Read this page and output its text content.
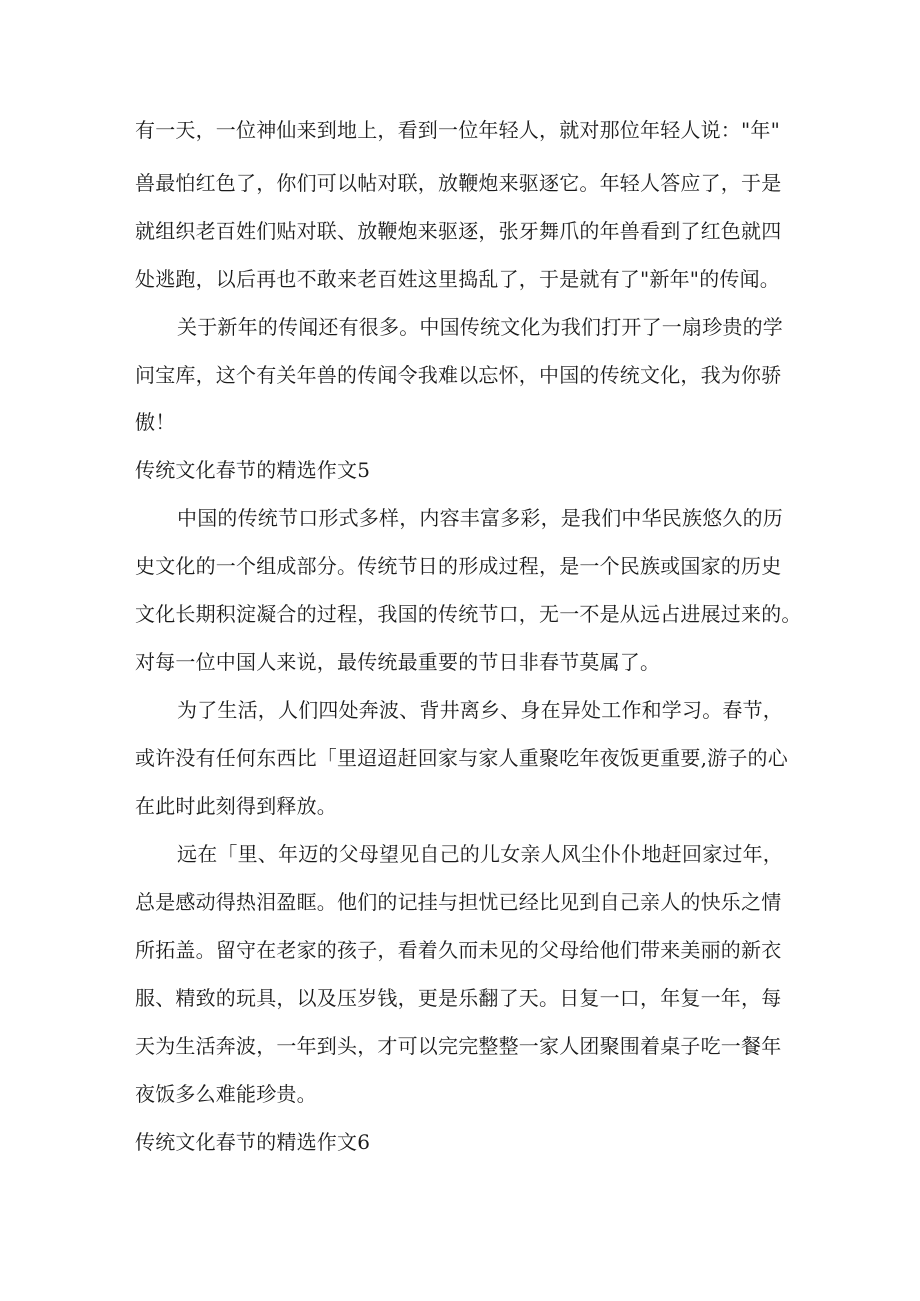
有一天，一位神仙来到地上，看到一位年轻人，就对那位年轻人说："年"
兽最怕红色了，你们可以帖对联，放鞭炮来驱逐它。年轻人答应了，于是
就组织老百姓们贴对联、放鞭炮来驱逐，张牙舞爪的年兽看到了红色就四
处逃跑，以后再也不敢来老百姓这里捣乱了，于是就有了"新年"的传闻。
关于新年的传闻还有很多。中国传统文化为我们打开了一扇珍贵的学
问宝库，这个有关年兽的传闻令我难以忘怀，中国的传统文化，我为你骄
傲！
传统文化春节的精选作文5
中国的传统节口形式多样，内容丰富多彩，是我们中华民族悠久的历
史文化的一个组成部分。传统节日的形成过程，是一个民族或国家的历史
文化长期积淀凝合的过程，我国的传统节口，无一不是从远占进展过来的。
对每一位中国人来说，最传统最重要的节日非春节莫属了。
为了生活，人们四处奔波、背井离乡、身在异处工作和学习。春节，
或许没有任何东西比「里迢迢赶回家与家人重聚吃年夜饭更重要,游子的心
在此时此刻得到释放。
远在「里、年迈的父母望见自己的儿女亲人风尘仆仆地赶回家过年，
总是感动得热泪盈眶。他们的记挂与担忧已经比见到自己亲人的快乐之情
所拓盖。留守在老家的孩子，看着久而未见的父母给他们带来美丽的新衣
服、精致的玩具，以及压岁钱，更是乐翻了天。日复一口，年复一年，每
天为生活奔波，一年到头，才可以完完整整一家人团聚围着桌子吃一餐年
夜饭多么难能珍贵。
传统文化春节的精选作文6
